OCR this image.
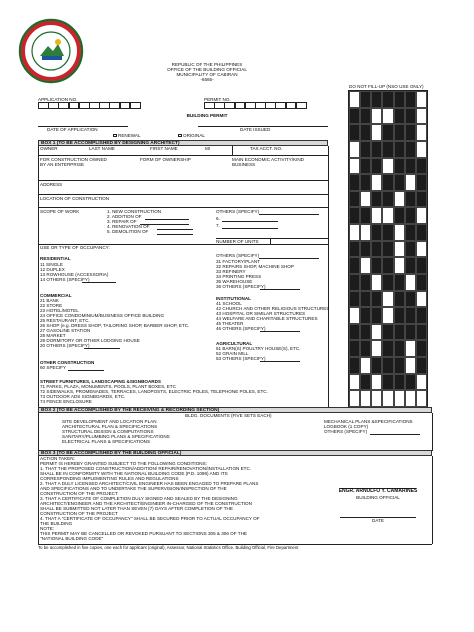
REPUBLIC OF THE PHILIPPINES
OFFICE OF THE BUILDING OFFICIAL
MUNICIPALITY OF CABIRAN
-6565-
DO NOT FILL-UP (NSO USE ONLY)
APPLICATION NO.	PERMIT NO.
BUILDING PERMIT
DATE OF APPLICATION	DATE ISSUED
RENEWAL	ORIGINAL
BOX 1 (TO BE ACCOMPLISHED BY DESIGNING ARCHITECT)
OWNER	LAST NAME	FIRST NAME	MI	TAX ACCT. NO.
FOR CONSTRUCTION OWNED
BY AN ENTERPRISE
FORM OF OWNERSHIP	MAIN ECONOMIC ACTIVITY/KIND
BUSINESS
ADDRESS
LOCATION OF CONSTRUCTION
SCOPE OF WORK	1. NEW CONSTRUCTION
2. ADDITION OF
3. REPAIR OF
4. RENOVATION OF
5. DEMOLITION OF
OTHERS (SPECIFY)
6.
7.
NUMBER OF UNITS
USE OR TYPE OF OCCUPANCY:
RESIDENTIAL
11 SINGLE
12 DUPLEX
13 ROWHOUSE (ACCESSORIA)
14 OTHERS (SPECIFY)
OTHERS (SPECIFY)
31 FACTORY/PLANT
32 REPAIRS SHOP, MACHINE SHOP
33 REFINERY
34 PRINTING PRESS
35 WAREHOUSE
36 OTHERS (SPECIFY)
COMMERCIAL
21 BANK
22 STORE
23 HOTEL/MOTEL
24 OFFICE CONDOMINIUM/BUSINESS OFFICE BUILDING
25 RESTAURANT, ETC.
26 SHOP (e.g. DRESS SHOP, TAILORING SHOP, BARBER SHOP, ETC.
27 GASOLINE STATION
28 MARKET
29 DORMITORY OR OTHER LODGING HOUSE
20 OTHERS (SPECIFY)
INSTITUTIONAL
41 SCHOOL
42 CHURCH AND OTHER RELIGIOUS STRUCTURES
43 HOSPITAL OR SIMILAR STRUCTURES
44 WELFARE AND CHARITABLE STRUCTURES
45 THEATER
46 OTHERS (SPECIFY)
AGRICULTURAL
51 BARN(S) POULTRY HOUSE(S), ETC.
52 GRAIN MILL
53 OTHERS (SPECIFY)
OTHER CONSTRUCTION
60 SPECIFY
STREET FURNITURES, LANDSCAPING &SIGNBOARDS
71 PARKS, PLAZA, MONUMENTS, POOLS, PLANT BOXES, ETC
72 SIDEWALKS, PROMENADES, TERRACES, LANDPOSTS, ELECTRIC POLES, TELEPHONE POLES, ETC.
73 OUTDOOR ADS SIGNBOARDS, ETC.
74 FENCE ENCLOSURE
BOX 2 (TO BE ACCOMPLISHED BY THE RECEIVING & RECORDING SECTION)
BLDG. DOCUMENTS (FIVE SETS EACH)
SITE DEVELOPMENT AND LOCATION PLAN
ARCHITECTURAL PLAN & SPECIFICATIONS
STRUCTURAL DESIGN & COMPUTATIONS
SANITARY/PLUMBING PLANS & SPECIFICATIONS
ELECTRICAL PLANS & SPECIFICATIONS
MECHANICAL PLANS &SPECIFICATIONS
LOGBOOK (1 COPY)
OTHERS (SPECIFY)
BOX 3 (TO BE ACCOMPLISHED BY THE BUILDING OFFICIAL)
ACTION TAKEN:
PERMIT IS HEREBY GRANTED SUBJECT TO THE FOLLOWING CONDITIONS:
1. THAT THE PROPOSED CONSTRUCTION/ADDITION/ REPAIR/RENOVATION/INSTALLATION ETC.
SHALL BE IN CONFORMITY WITH THE NATIONAL BUILDING CODE (P.D. 1096) AND ITS
CORRESPONDING IMPLEMENTING RULES AND REGULATIONS
2. THAT A DULY LICENSED ARCHITECT/CIVIL ENGINEER HAS BEEN ENGAGED TO PREPARE PLANS
AND SPECIFICATIONS AND TO UNDERTAKE THE SUPERVISION/INSPECTION OF THE
CONSTRUCTION OF THE PROJECT
3. THAT A CERTIFICATE OF COMPLETION DULY SIGNED AND SEALED BY THE DESIGNING
ARCHITECT/ENGINEER AND THE ARCHITECT/ENGINEER IN-CHARGED OF THE CONSTRUCTION
SHALL BE SUBMITTED NOT LATER THAN SEVEN (7) DAYS AFTER COMPLETION OF THE
CONSTRUCTION OF THE PROJECT
4. THAT A "CERTIFICATE OF OCCUPANCY" SHALL BE SECURED PRIOR TO ACTUAL OCCUPANCY OF
THE BUILDING
NOTE:
THIS PERMIT MAY BE CANCELLED OR REVOKED PURSUANT TO SECTIONS 305 & 306 OF THE
"NATIONAL BUILDING CODE"
ENGR. ARNULFO Y. CAMARINES
BUILDING OFFICIAL
DATE
To be accomplished in five copies, one each for applicant (original), Assessor, National Statistics Office, Building Official, Fire Department
